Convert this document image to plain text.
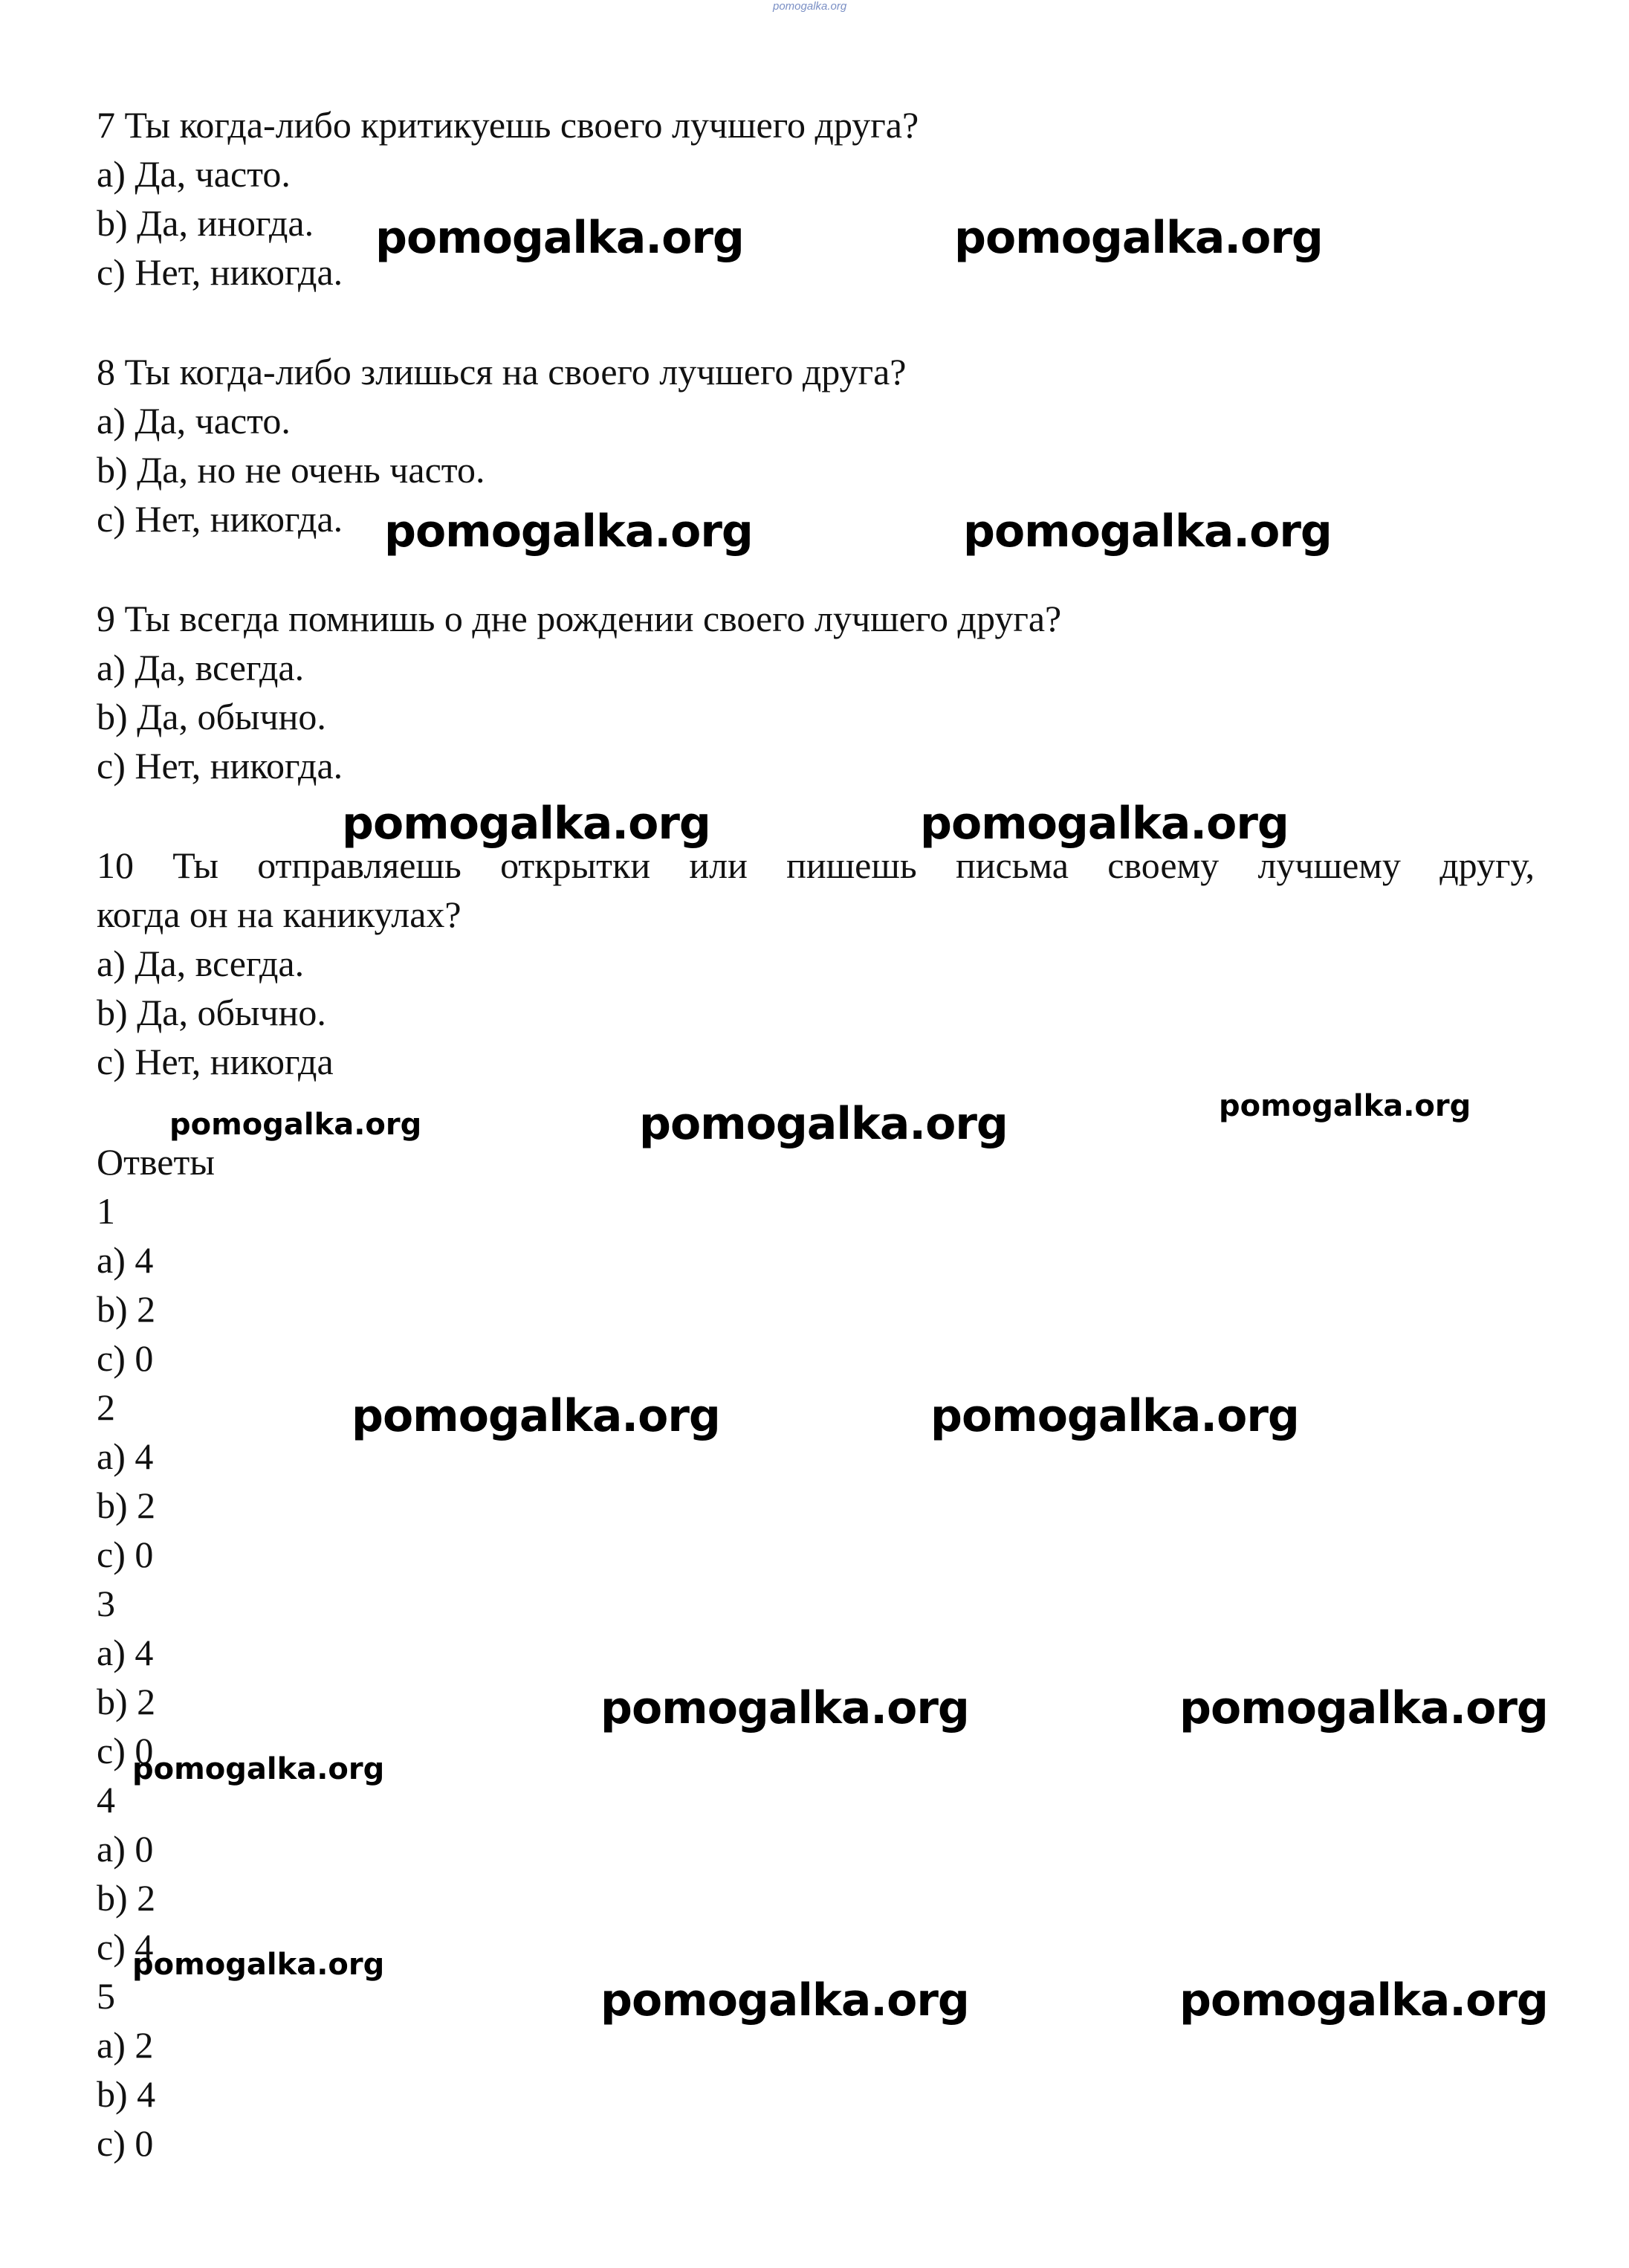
pomogalka.org
7 Ты когда-либо критикуешь своего лучшего друга?
a) Да, часто.
b) Да, иногда.
c) Нет, никогда.
8 Ты когда-либо злишься на своего лучшего друга?
a) Да, часто.
b) Да, но не очень часто.
c) Нет, никогда.
9 Ты всегда помнишь о дне рождении своего лучшего друга?
a) Да, всегда.
b) Да, обычно.
c) Нет, никогда.
10 Ты отправляешь открытки или пишешь письма своему лучшему другу,
когда он на каникулах?
a) Да, всегда.
b) Да, обычно.
c) Нет, никогда
Ответы
1
a) 4
b) 2
c) 0
2
a) 4
b) 2
c) 0
3
a) 4
b) 2
c) 0
4
a) 0
b) 2
c) 4
5
a) 2
b) 4
c) 0
pomogalka.org	pomogalka.org
pomogalka.org	pomogalka.org
pomogalka.org	pomogalka.org
pomogalka.org	pomogalka.org	pomogalka.org
pomogalka.org	pomogalka.org
pomogalka.org	pomogalka.org
pomogalka.org
pomogalka.org
pomogalka.org	pomogalka.org
